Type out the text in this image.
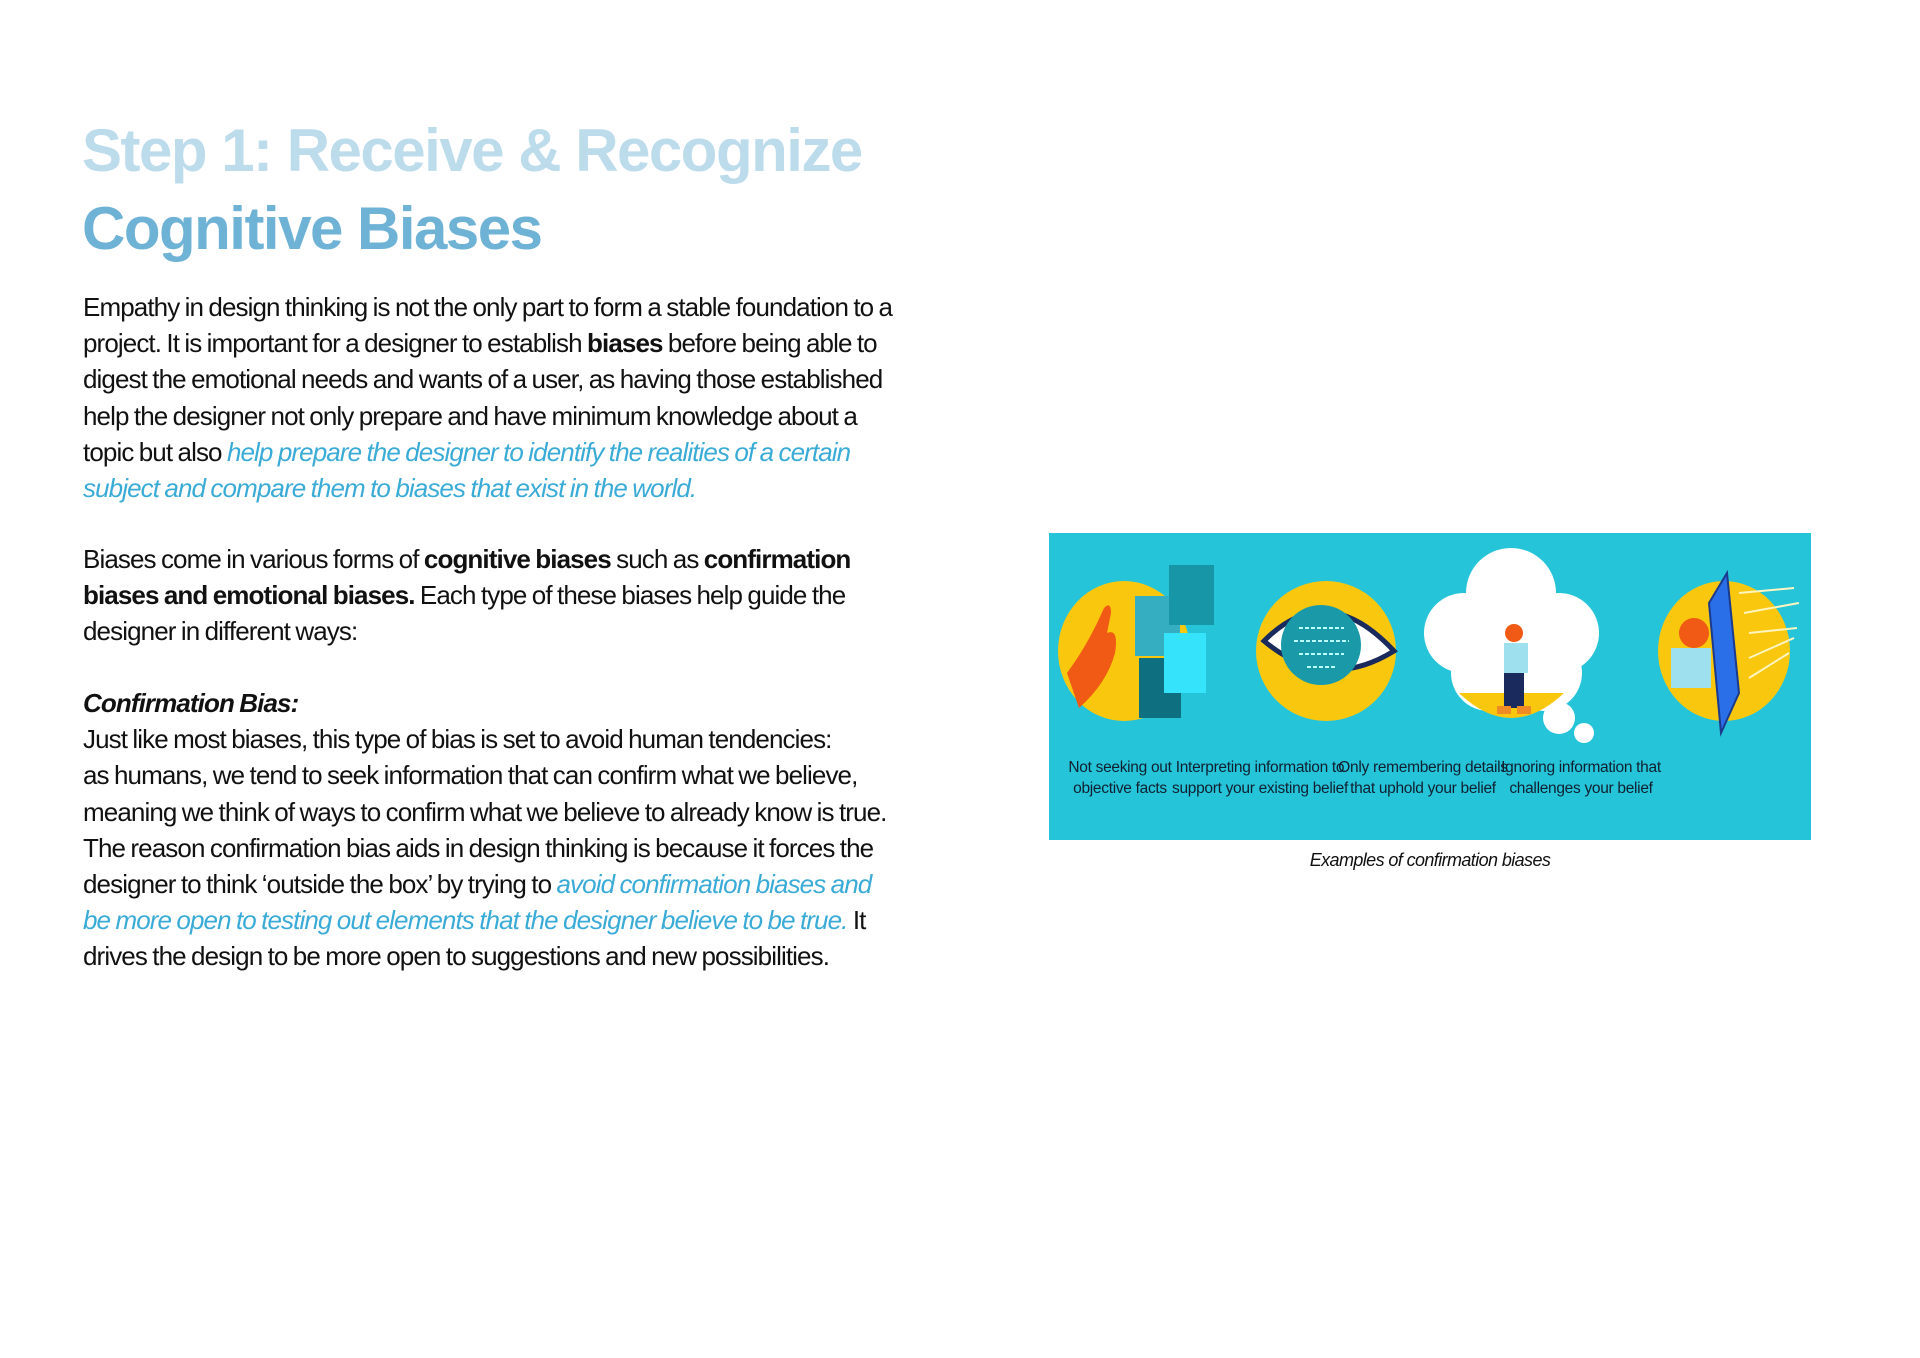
Step 1: Receive & Recognize
Cognitive Biases
Empathy in design thinking is not the only part to form a stable foundation to a
project. It is important for a designer to establish biases before being able to
digest the emotional needs and wants of a user, as having those established
help the designer not only prepare and have minimum knowledge about a
topic but also help prepare the designer to identify the realities of a certain
subject and compare them to biases that exist in the world.
Biases come in various forms of cognitive biases such as confirmation
biases and emotional biases. Each type of these biases help guide the
designer in different ways:
Confirmation Bias:
Just like most biases, this type of bias is set to avoid human tendencies:
as humans, we tend to seek information that can confirm what we believe,
meaning we think of ways to confirm what we believe to already know is true.
The reason confirmation bias aids in design thinking is because it forces the
designer to think ‘outside the box’ by trying to avoid confirmation biases and
be more open to testing out elements that the designer believe to be true. It
drives the design to be more open to suggestions and new possibilities.
Not seeking out
objective facts
Interpreting information to
support your existing belief
Only remembering details
that uphold your belief
Ignoring information that
challenges your belief
Examples of confirmation biases
